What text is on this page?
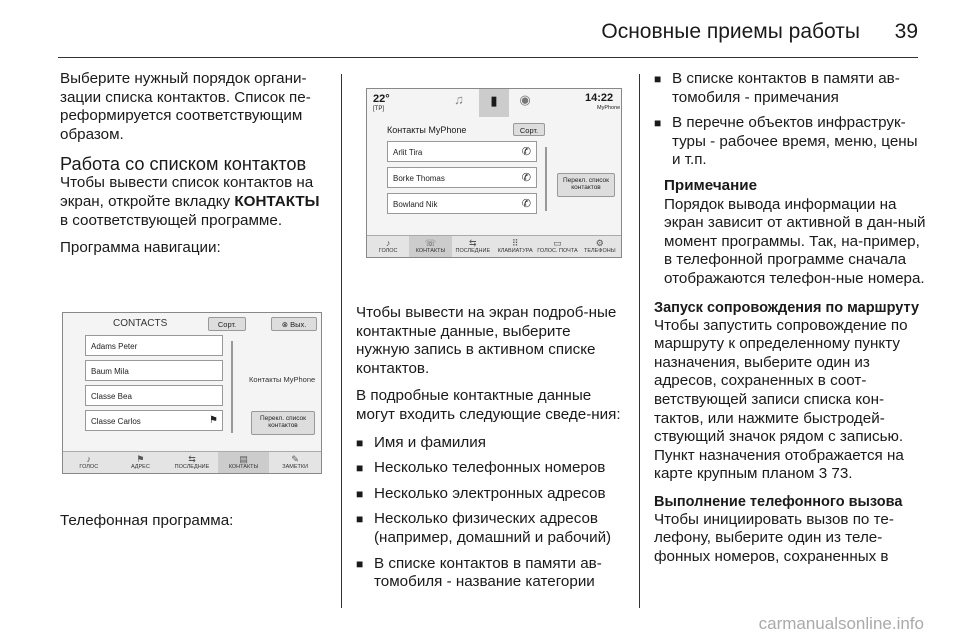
Основные приемы работы 39
Выберите нужный порядок органи-зации списка контактов. Список пе-реформируется соответствующим образом.
Работа со списком контактов
Чтобы вывести список контактов на экран, откройте вкладку КОНТАКТЫ в соответствующей программе.
Программа навигации:
CONTACTS	Сорт.	⊗ Вых.
Adams Peter
Baum Mila
Classe Bea
Classe Carlos	⚑
Контакты MyPhone
Перекл. список контактов
♪
ГОЛОС
⚑
АДРЕС
⇆
ПОСЛЕДНИЕ
▤
КОНТАКТЫ
✎
ЗАМЕТКИ
Телефонная программа:
22°
[TP]
♫	▮	◉	14:22
MyPhone
Контакты MyPhone	Сорт.
Arlit Tira	✆
Borke Thomas	✆
Bowland Nik	✆
Перекл. список контактов
♪
ГОЛОС
☏
КОНТАКТЫ
⇆
ПОСЛЕДНИЕ
⠿
КЛАВИАТУРА
▭
ГОЛОС. ПОЧТА
⚙
ТЕЛЕФОНЫ
Чтобы вывести на экран подроб-ные контактные данные, выберите нужную запись в активном списке контактов.
В подробные контактные данные могут входить следующие сведе-ния:
■ Имя и фамилия
■ Несколько телефонных номеров
■ Несколько электронных адресов
■ Несколько физических адресов (например, домашний и рабочий)
■ В списке контактов в памяти ав-томобиля - название категории
■ В списке контактов в памяти ав-томобиля - примечания
■ В перечне объектов инфраструк-туры - рабочее время, меню, цены и т.п.
Примечание
Порядок вывода информации на экран зависит от активной в дан-ный момент программы. Так, на-пример, в телефонной программе сначала отображаются телефон-ные номера.
Запуск сопровождения по маршруту
Чтобы запустить сопровождение по маршруту к определенному пункту назначения, выберите один из адресов, сохраненных в соот-ветствующей записи списка кон-тактов, или нажмите быстродей-ствующий значок рядом с записью. Пункт назначения отображается на карте крупным планом 3 73.
Выполнение телефонного вызова
Чтобы инициировать вызов по те-лефону, выберите один из теле-фонных номеров, сохраненных в
carmanualsonline.info
